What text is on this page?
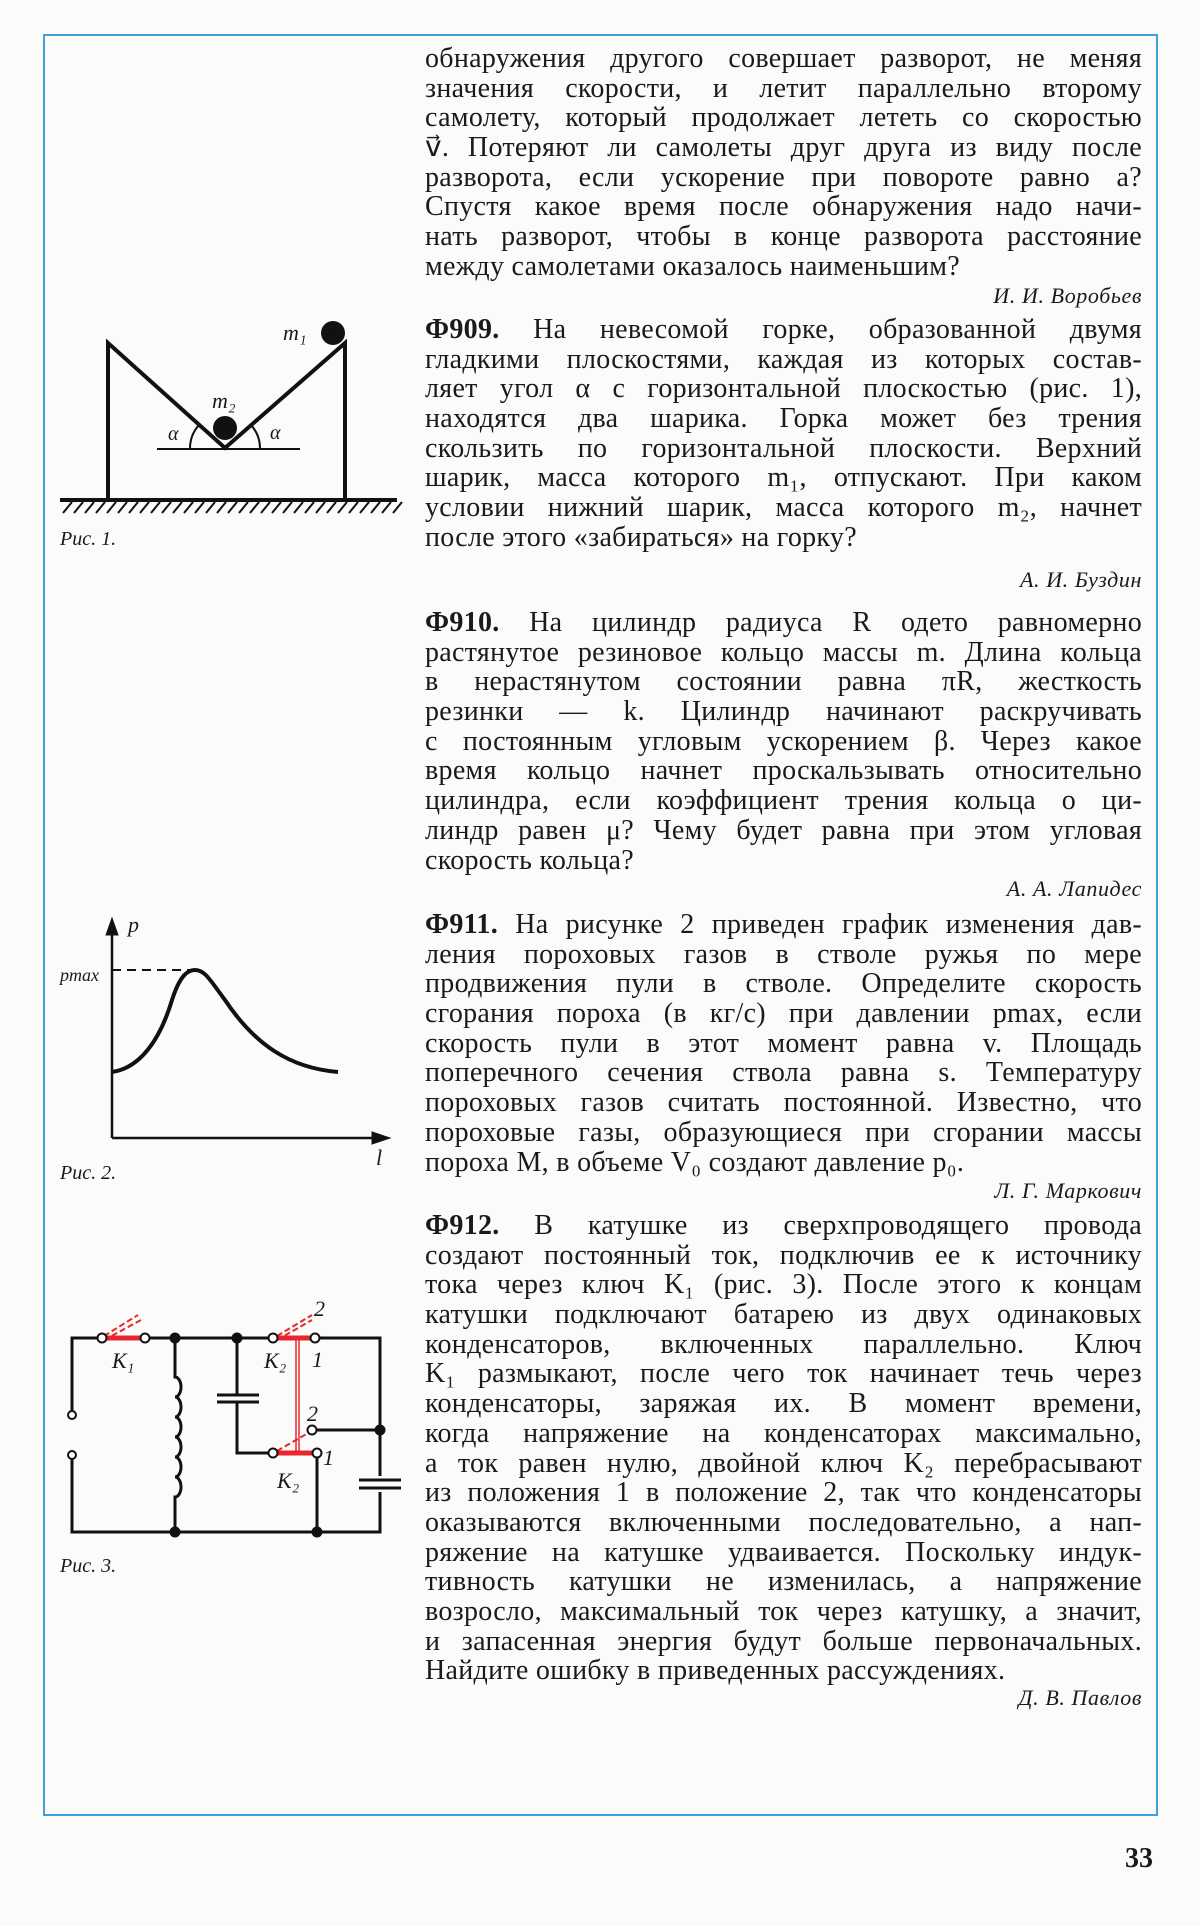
обнаружения другого совершает разворот, не меняя
значения скорости, и летит параллельно второму
самолету, который продолжает лететь со скоростью
v⃗. Потеряют ли самолеты друг друга из виду после
разворота, если ускорение при повороте равно a?
Спустя какое время после обнаружения надо начи-
нать разворот, чтобы в конце разворота расстояние
между самолетами оказалось наименьшим?
И. И. Воробьев
Ф909. На невесомой горке, образованной двумя
гладкими плоскостями, каждая из которых состав-
ляет угол α с горизонтальной плоскостью (рис. 1),
находятся два шарика. Горка может без трения
скользить по горизонтальной плоскости. Верхний
шарик, масса которого m₁, отпускают. При каком
условии нижний шарик, масса которого m₂, начнет
после этого «забираться» на горку?
А. И. Буздин
Ф910. На цилиндр радиуса R одето равномерно
растянутое резиновое кольцо массы m. Длина кольца
в нерастянутом состоянии равна πR, жесткость
резинки — k. Цилиндр начинают раскручивать
с постоянным угловым ускорением β. Через какое
время кольцо начнет проскальзывать относительно
цилиндра, если коэффициент трения кольца о ци-
линдр равен μ? Чему будет равна при этом угловая
скорость кольца?
А. А. Лапидес
Ф911. На рисунке 2 приведен график изменения дав-
ления пороховых газов в стволе ружья по мере
продвижения пули в стволе. Определите скорость
сгорания пороха (в кг/с) при давлении pmax, если
скорость пули в этот момент равна v. Площадь
поперечного сечения ствола равна s. Температуру
пороховых газов считать постоянной. Известно, что
пороховые газы, образующиеся при сгорании массы
пороха M, в объеме V₀ создают давление p₀.
Л. Г. Маркович
Ф912. В катушке из сверхпроводящего провода
создают постоянный ток, подключив ее к источнику
тока через ключ K₁ (рис. 3). После этого к концам
катушки подключают батарею из двух одинаковых
конденсаторов, включенных параллельно. Ключ
K₁ размыкают, после чего ток начинает течь через
конденсаторы, заряжая их. В момент времени,
когда напряжение на конденсаторах максимально,
а ток равен нулю, двойной ключ K₂ перебрасывают
из положения 1 в положение 2, так что конденсаторы
оказываются включенными последовательно, а нап-
ряжение на катушке удваивается. Поскольку индук-
тивность катушки не изменилась, а напряжение
возросло, максимальный ток через катушку, а значит,
и запасенная энергия будут больше первоначальных.
Найдите ошибку в приведенных рассуждениях.
Д. В. Павлов
m₁
m₂
α	α
Рис. 1.
p
pmax
l
Рис. 2.
K₁	K₂ 1
2
2
1
K₂
Рис. 3.
33
